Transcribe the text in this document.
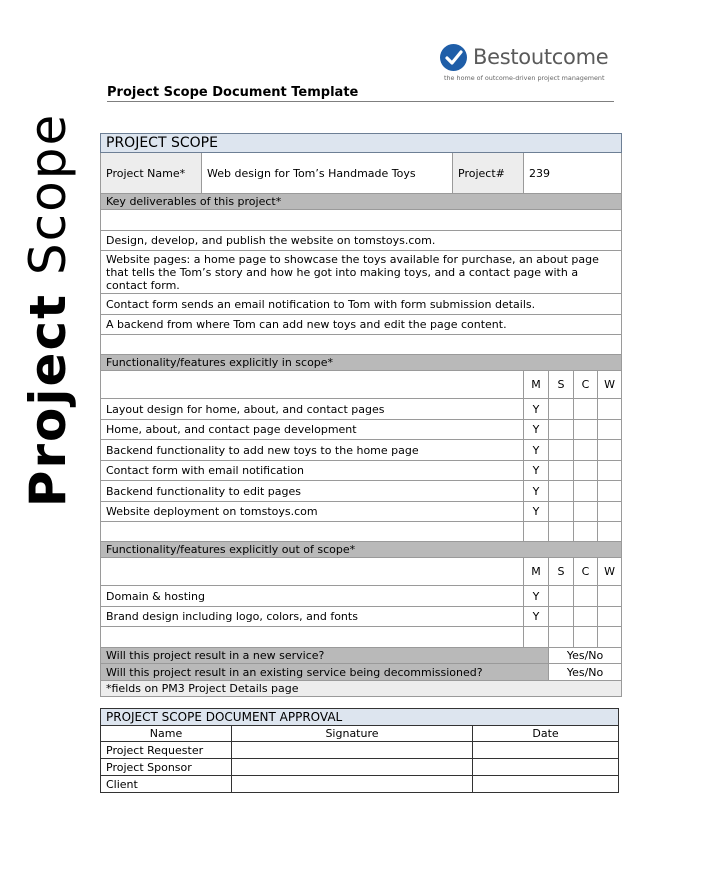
Project Scope
Bestoutcome
the home of outcome-driven project management
Project Scope Document Template
PROJECT SCOPE						
Project Name*	Web design for Tom’s Handmade Toys	Project#	239			
Key deliverables of this project*						

Design, develop, and publish the website on tomstoys.com.						
Website pages: a home page to showcase the toys available for purchase, an about page that tells the Tom’s story and how he got into making toys, and a contact page with a contact form.						
Contact form sends an email notification to Tom with form submission details.						
A backend from where Tom can add new toys and edit the page content.						

Functionality/features explicitly in scope*						
			M	S	C	W
Layout design for home, about, and contact pages			Y			
Home, about, and contact page development			Y			
Backend functionality to add new toys to the home page			Y			
Contact form with email notification			Y			
Backend functionality to edit pages			Y			
Website deployment on tomstoys.com			Y			

Functionality/features explicitly out of scope*						
			M	S	C	W
Domain & hosting			Y			
Brand design including logo, colors, and fonts			Y			

Will this project result in a new service?				Yes/No		
Will this project result in an existing service being decommissioned?				Yes/No		
*fields on PM3 Project Details page						
PROJECT SCOPE DOCUMENT APPROVAL		
Name	Signature	Date
Project Requester		
Project Sponsor		
Client		
